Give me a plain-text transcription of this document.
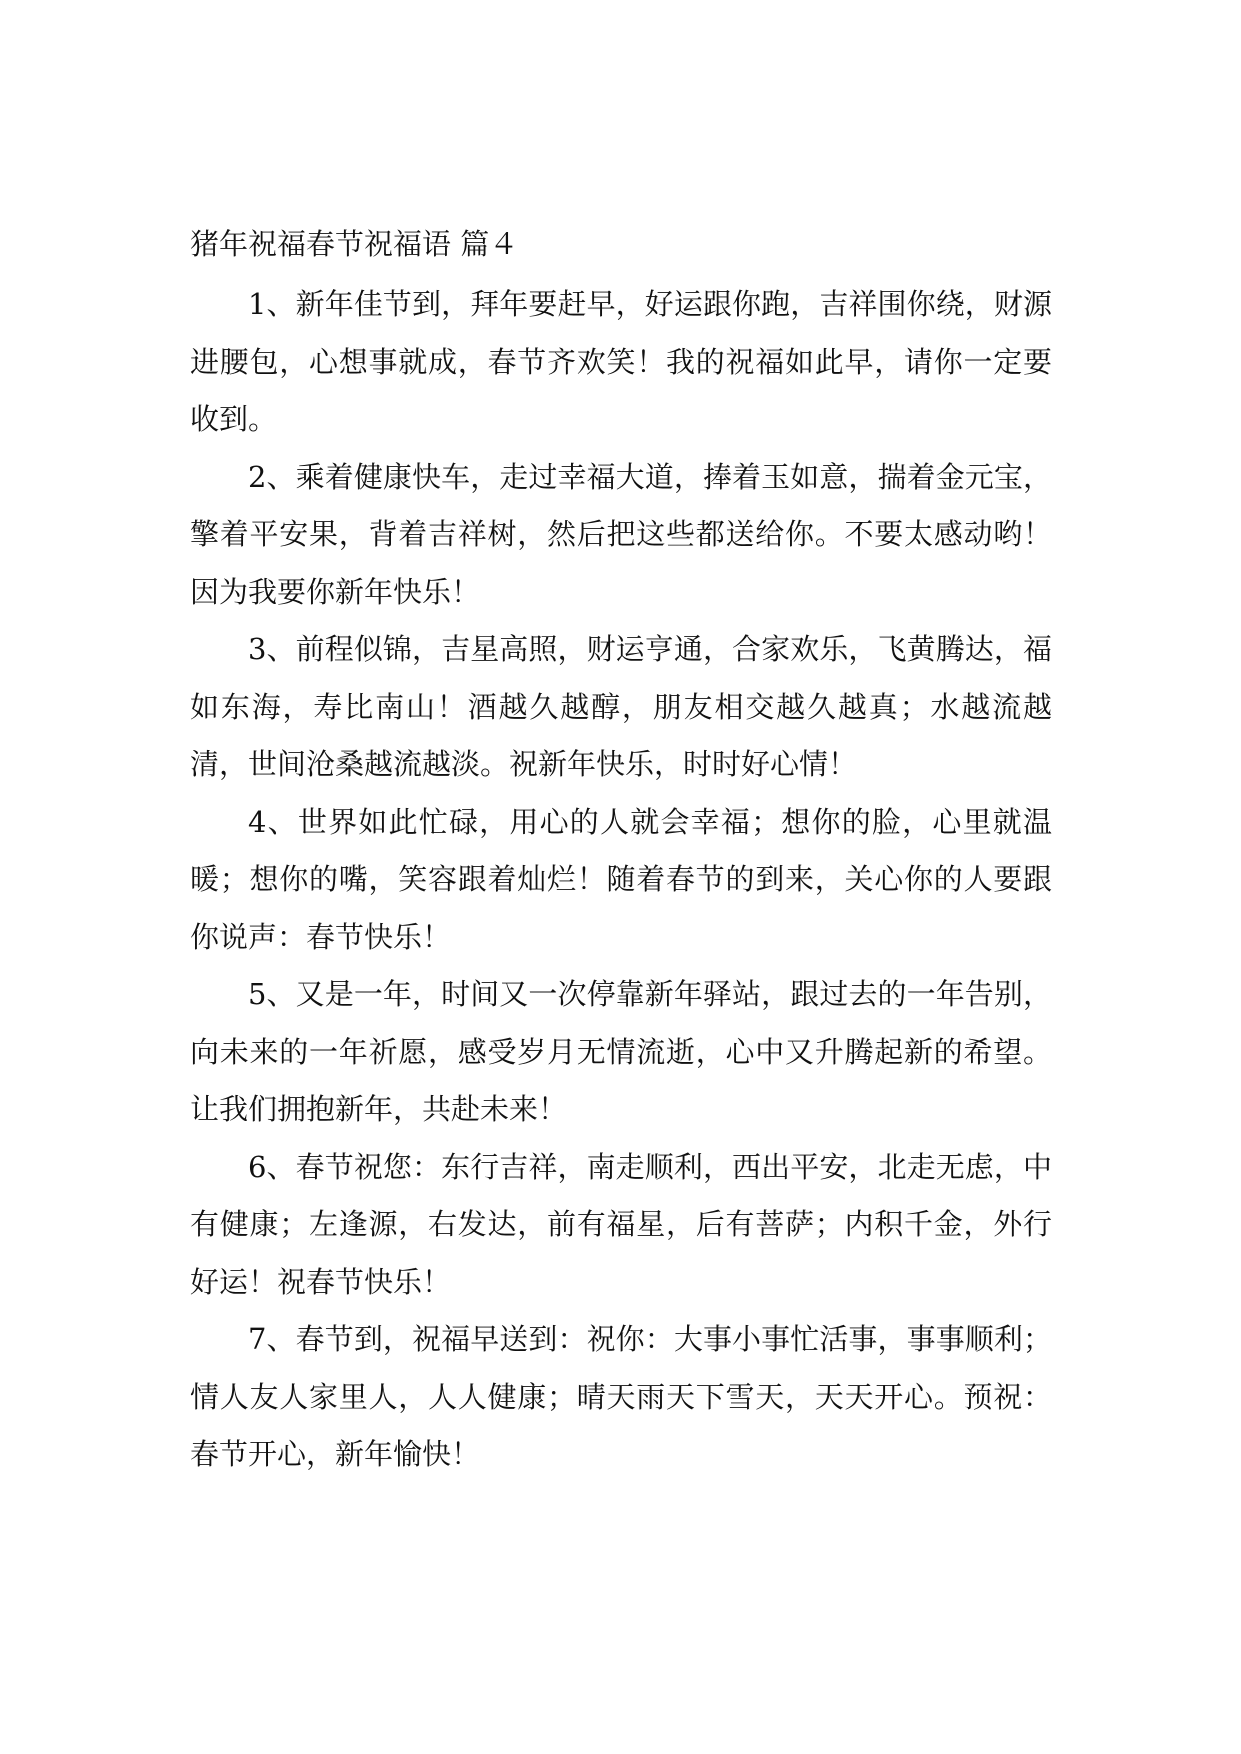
猪年祝福春节祝福语 篇４

1、新年佳节到，拜年要赶早，好运跟你跑，吉祥围你绕，财源进腰包，心想事就成，春节齐欢笑！我的祝福如此早，请你一定要收到。

2、乘着健康快车，走过幸福大道，捧着玉如意，揣着金元宝，擎着平安果，背着吉祥树，然后把这些都送给你。不要太感动哟！因为我要你新年快乐！

3、前程似锦，吉星高照，财运亨通，合家欢乐，飞黄腾达，福如东海，寿比南山！酒越久越醇，朋友相交越久越真；水越流越清，世间沧桑越流越淡。祝新年快乐，时时好心情！

4、世界如此忙碌，用心的人就会幸福；想你的脸，心里就温暖；想你的嘴，笑容跟着灿烂！随着春节的到来，关心你的人要跟你说声：春节快乐！

5、又是一年，时间又一次停靠新年驿站，跟过去的一年告别，向未来的一年祈愿，感受岁月无情流逝，心中又升腾起新的希望。让我们拥抱新年，共赴未来！

6、春节祝您：东行吉祥，南走顺利，西出平安，北走无虑，中有健康；左逢源，右发达，前有福星，后有菩萨；内积千金，外行好运！祝春节快乐！

7、春节到，祝福早送到：祝你：大事小事忙活事，事事顺利；情人友人家里人，人人健康；晴天雨天下雪天，天天开心。预祝：春节开心，新年愉快！
